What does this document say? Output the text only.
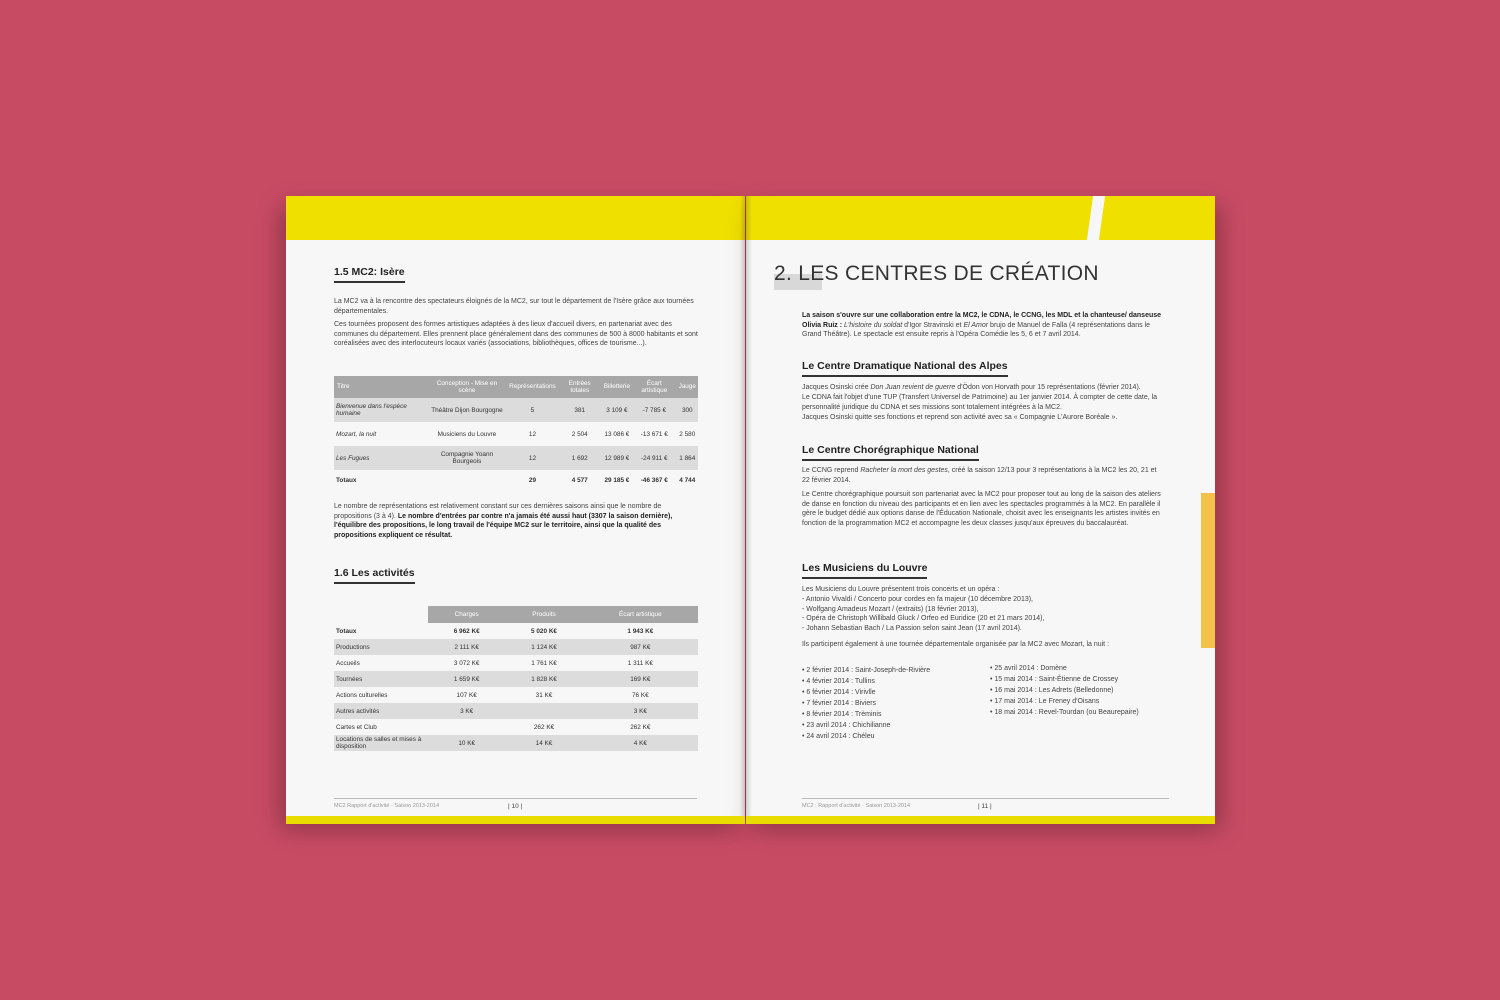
1.5 MC2: Isère
La MC2 va à la rencontre des spectateurs éloignés de la MC2, sur tout le département de l'Isère grâce aux tournées départementales.
Ces tournées proposent des formes artistiques adaptées à des lieux d'accueil divers, en partenariat avec des communes du département. Elles prennent place généralement dans des communes de 500 à 8000 habitants et sont coréalisées avec des interlocuteurs locaux variés (associations, bibliothèques, offices de tourisme...).
Titre	Conception - Mise en scène	Représentations	Entrées totales	Billetterie	Écart artistique	Jauge
Bienvenue dans l'espèce humaine	Théâtre Dijon Bourgogne	5	381	3 109 €	-7 785 €	300
Mozart, la nuit	Musiciens du Louvre	12	2 504	13 086 €	-13 671 €	2 580
Les Fugues	Compagnie Yoann Bourgeois	12	1 692	12 989 €	-24 911 €	1 864
Totaux		29	4 577	29 185 €	-46 367 €	4 744
Le nombre de représentations est relativement constant sur ces dernières saisons ainsi que le nombre de propositions (3 à 4). Le nombre d'entrées par contre n'a jamais été aussi haut (3307 la saison dernière), l'équilibre des propositions, le long travail de l'équipe MC2 sur le territoire, ainsi que la qualité des propositions expliquent ce résultat.
1.6 Les activités
	Charges	Produits	Écart artistique
Totaux	6 962 K€	5 020 K€	1 943 K€
Productions	2 111 K€	1 124 K€	987 K€
Accueils	3 072 K€	1 761 K€	1 311 K€
Tournées	1 659 K€	1 828 K€	169 K€
Actions culturelles	107 K€	31 K€	76 K€
Autres activités	3 K€		3 K€
Cartes et Club		262 K€	262 K€
Locations de salles et mises à disposition	10 K€	14 K€	4 K€
MC2 Rapport d'activité · Saison 2013-2014	| 10 |
2. LES CENTRES DE CRÉATION
La saison s'ouvre sur une collaboration entre la MC2, le CDNA, le CCNG, les MDL et la chanteuse/ danseuse Olivia Ruiz : L'histoire du soldat d'Igor Stravinski et El Amor brujo de Manuel de Falla (4 représentations dans le Grand Théâtre). Le spectacle est ensuite repris à l'Opéra Comédie les 5, 6 et 7 avril 2014.
Le Centre Dramatique National des Alpes
Jacques Osinski crée Don Juan revient de guerre d'Ödon von Horvath pour 15 représentations (février 2014).
Le CDNA fait l'objet d'une TUP (Transfert Universel de Patrimoine) au 1er janvier 2014. À compter de cette date, la personnalité juridique du CDNA et ses missions sont totalement intégrées à la MC2.
Jacques Osinski quitte ses fonctions et reprend son activité avec sa « Compagnie L'Aurore Boréale ».
Le Centre Chorégraphique National
Le CCNG reprend Racheter la mort des gestes, créé la saison 12/13 pour 3 représentations à la MC2 les 20, 21 et 22 février 2014.
Le Centre chorégraphique poursuit son partenariat avec la MC2 pour proposer tout au long de la saison des ateliers de danse en fonction du niveau des participants et en lien avec les spectacles programmés à la MC2. En parallèle il gère le budget dédié aux options danse de l'Éducation Nationale, choisit avec les enseignants les artistes invités en fonction de la programmation MC2 et accompagne les deux classes jusqu'aux épreuves du baccalauréat.
Les Musiciens du Louvre
Les Musiciens du Louvre présentent trois concerts et un opéra :
- Antonio Vivaldi / Concerto pour cordes en fa majeur (10 décembre 2013),
- Wolfgang Amadeus Mozart / (extraits) (18 février 2013),
- Opéra de Christoph Willibald Gluck / Orfeo ed Euridice (20 et 21 mars 2014),
- Johann Sebastian Bach / La Passion selon saint Jean (17 avril 2014).
Ils participent également à une tournée départementale organisée par la MC2 avec Mozart, la nuit :
• 2 février 2014 : Saint-Joseph-de-Rivière
• 4 février 2014 : Tullins
• 6 février 2014 : Virivlle
• 7 février 2014 : Biviers
• 8 février 2014 : Trèminis
• 23 avril 2014 : Chichilianne
• 24 avril 2014 : Chéleu
• 25 avril 2014 : Domène
• 15 mai 2014 : Saint-Étienne de Crossey
• 16 mai 2014 : Les Adrets (Belledonne)
• 17 mai 2014 : Le Freney d'Oisans
• 18 mai 2014 : Revel-Tourdan (ou Beaurepaire)
MC2 : Rapport d'activité · Saison 2013-2014	| 11 |
